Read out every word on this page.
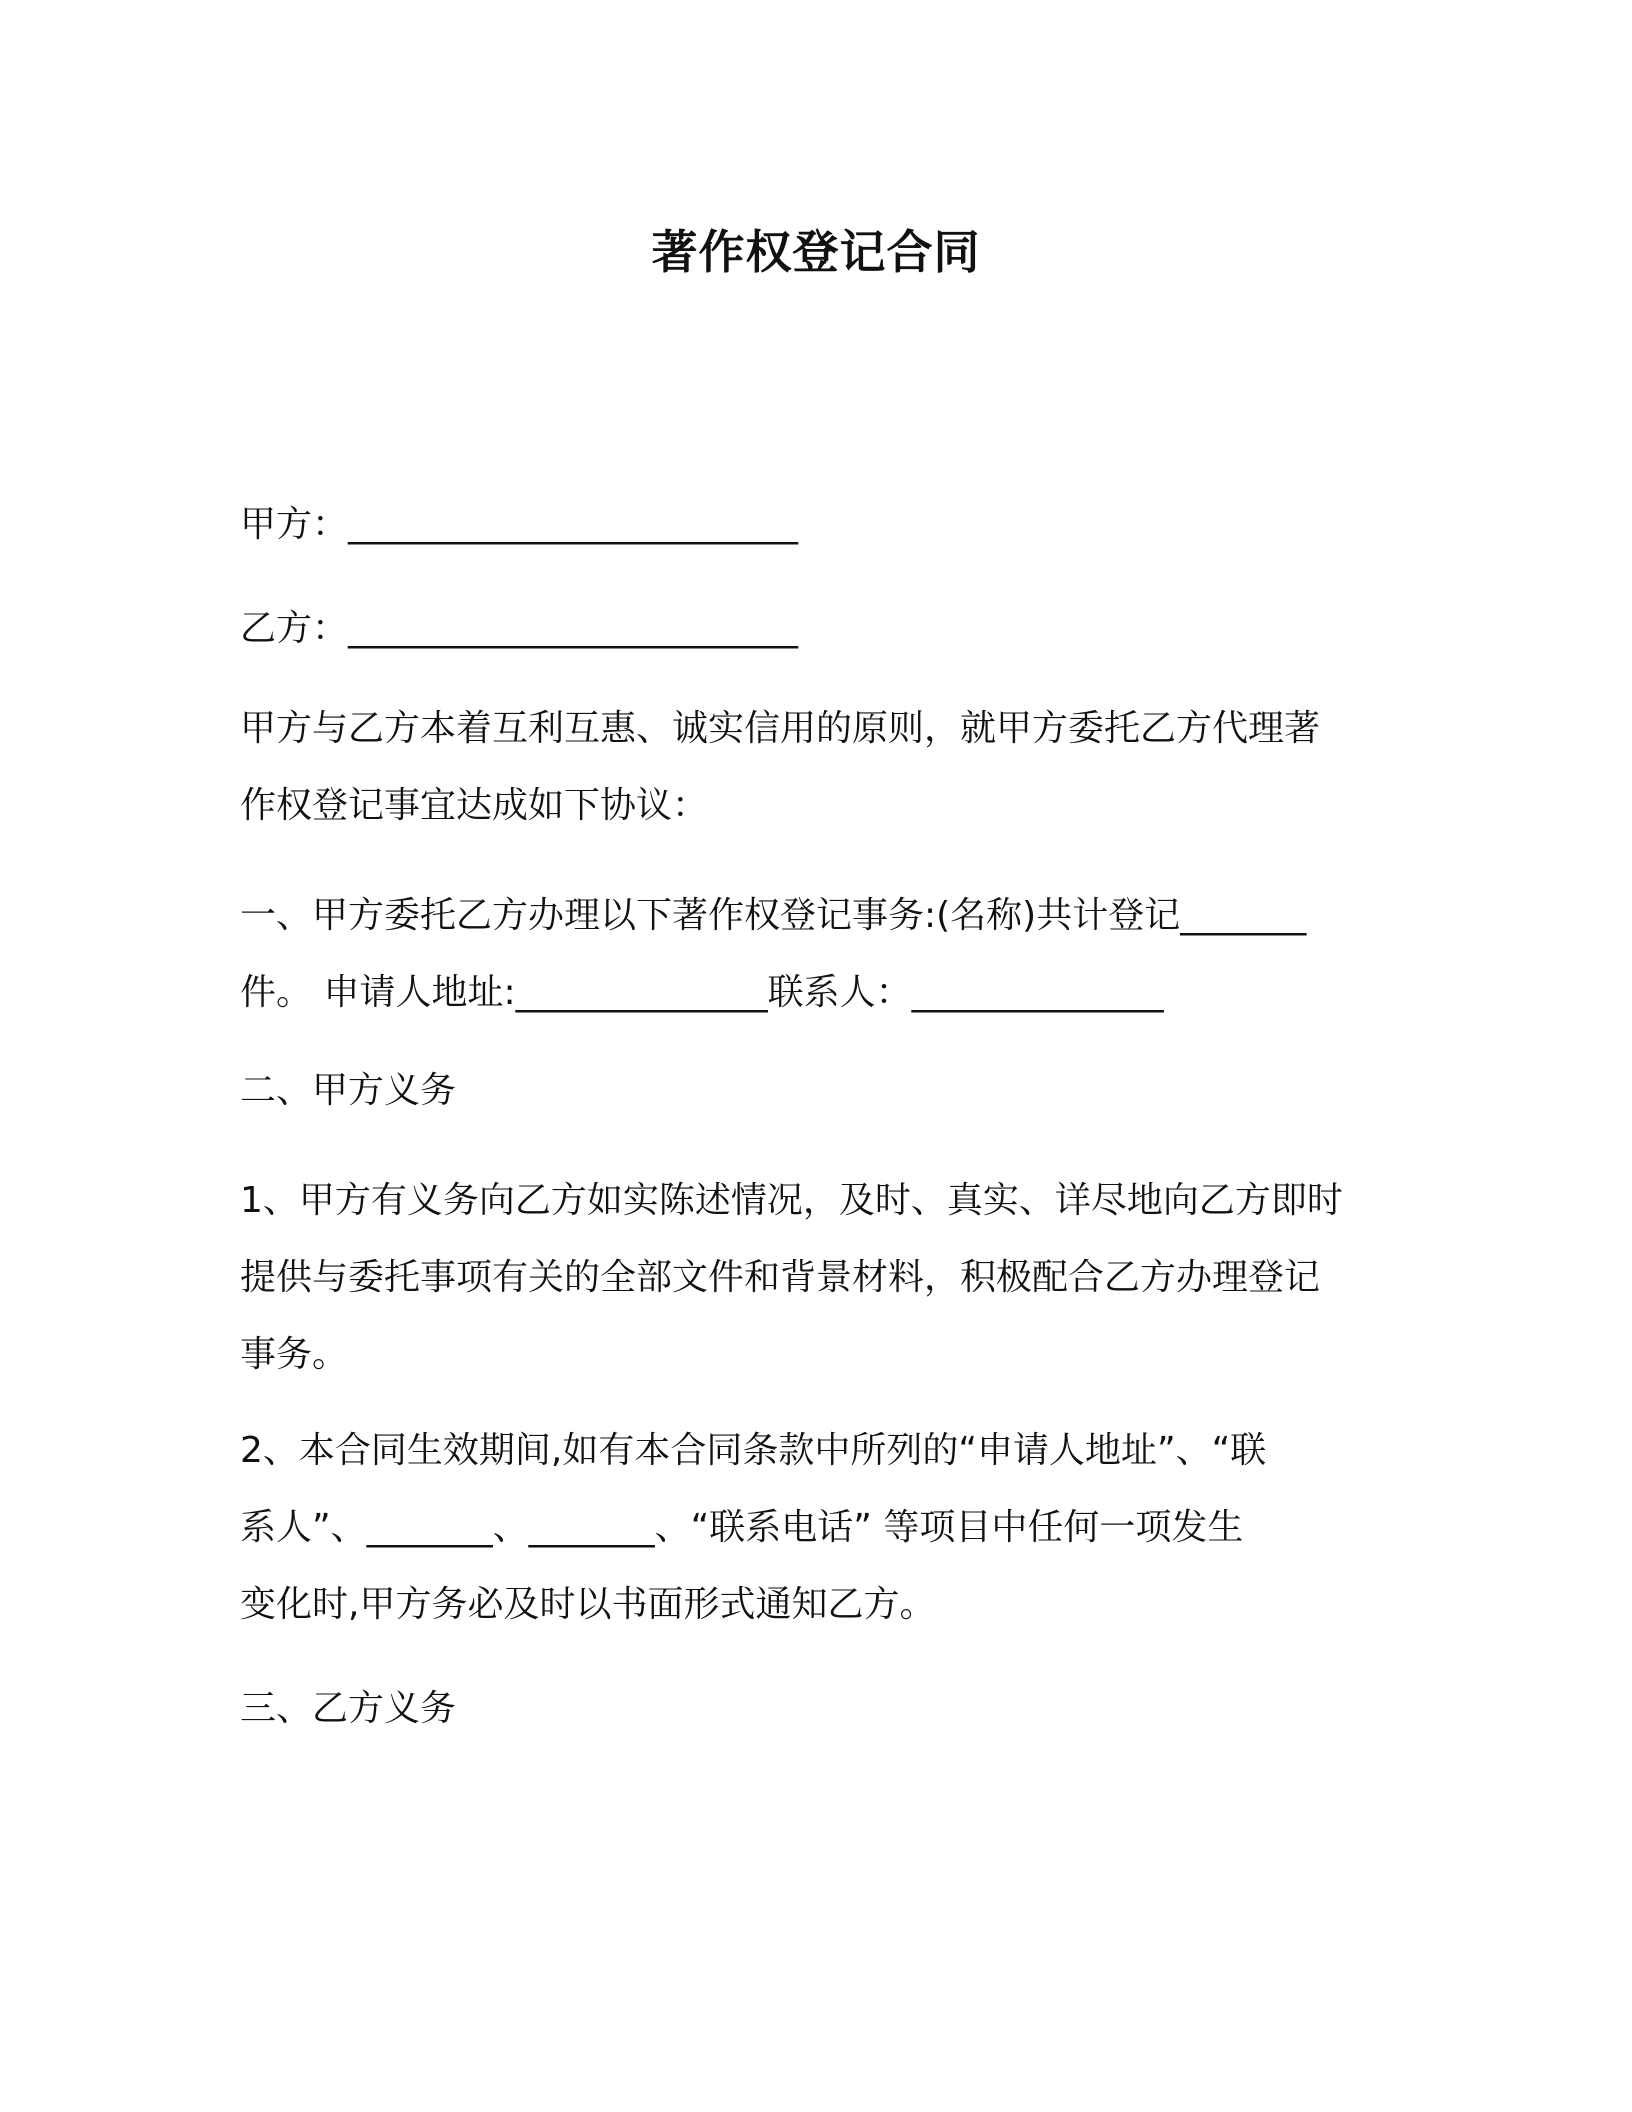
著作权登记合同
甲方：_________________________
乙方：_________________________
甲方与乙方本着互利互惠、诚实信用的原则，就甲方委托乙方代理著
作权登记事宜达成如下协议：
一、甲方委托乙方办理以下著作权登记事务:(名称)共计登记_______
件。 申请人地址:______________联系人：______________
二、甲方义务
1、甲方有义务向乙方如实陈述情况，及时、真实、详尽地向乙方即时
提供与委托事项有关的全部文件和背景材料，积极配合乙方办理登记
事务。
2、本合同生效期间,如有本合同条款中所列的“申请人地址”、“联
系人”、_______、_______、“联系电话” 等项目中任何一项发生
变化时,甲方务必及时以书面形式通知乙方。
三、乙方义务
